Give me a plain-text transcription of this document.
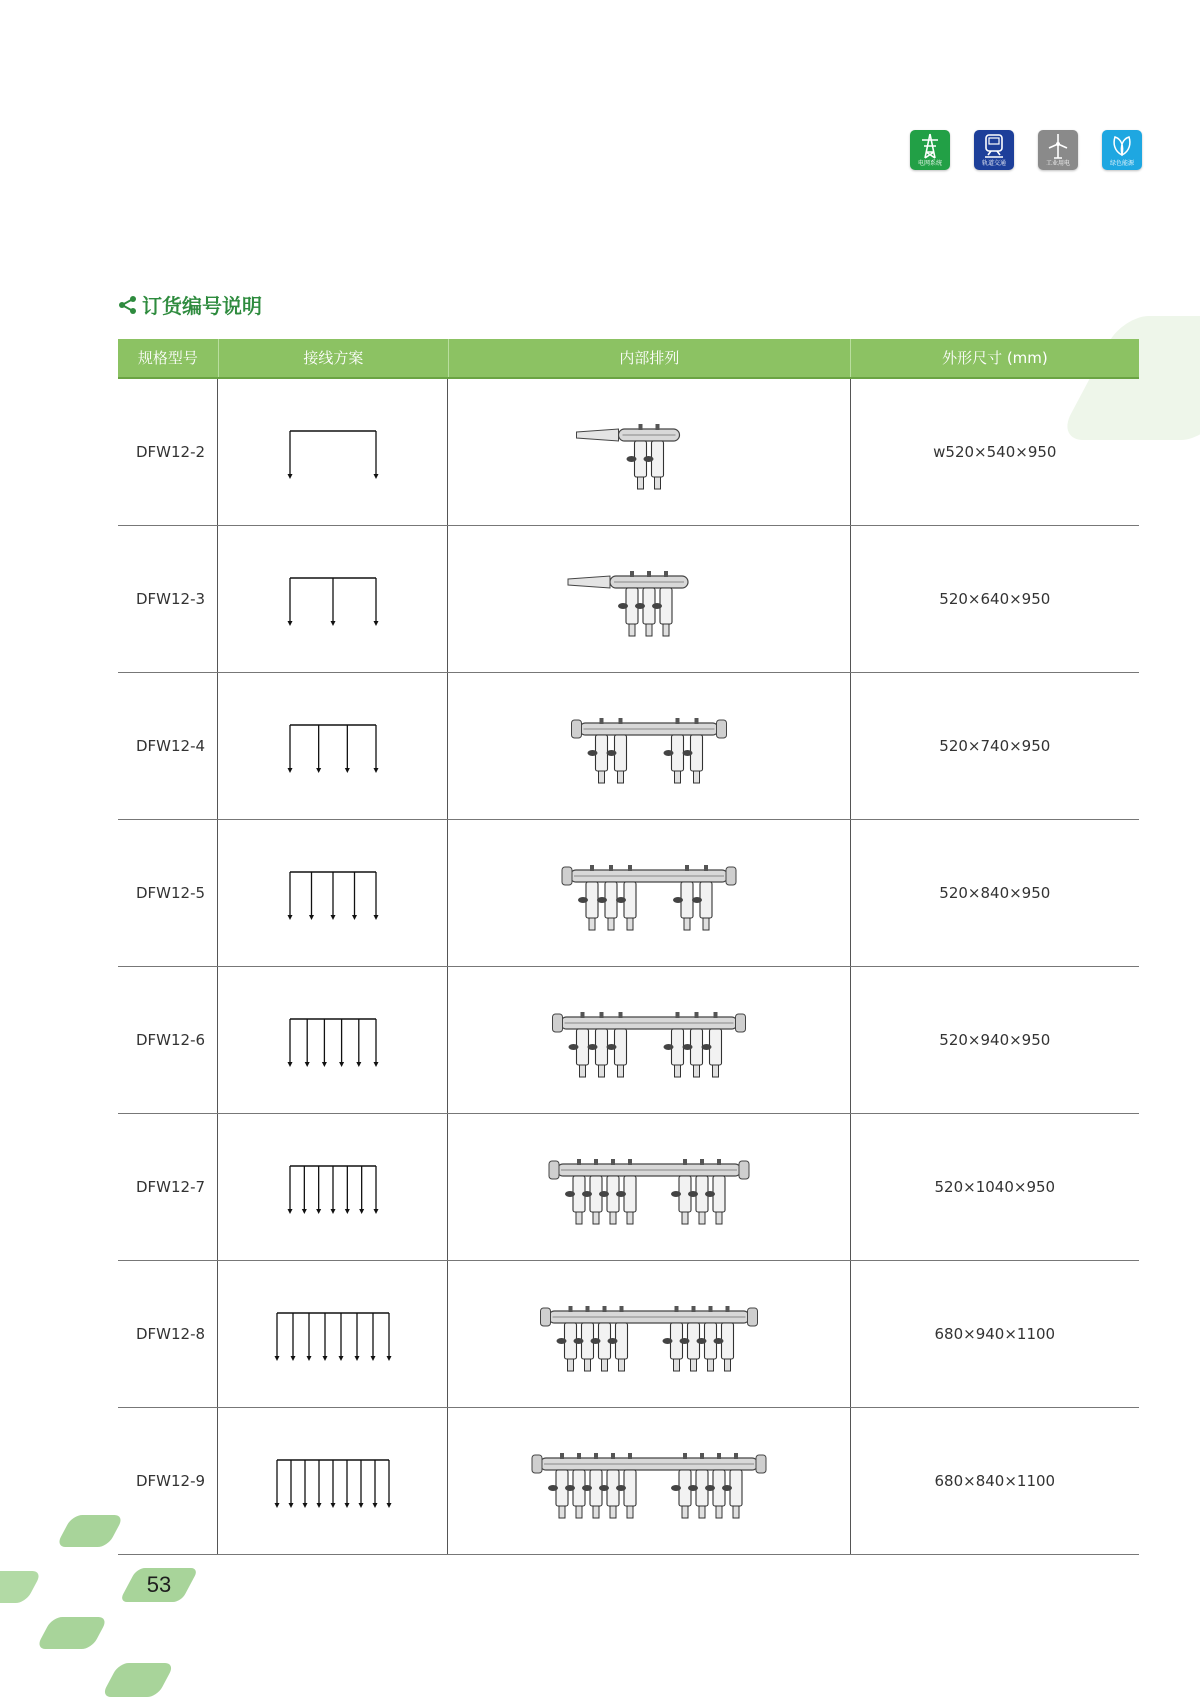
电网系统	轨道交通	工业用电	绿色能源
订货编号说明
规格型号	接线方案	内部排列	外形尺寸 (mm)
DFW12-2	w520×540×950
DFW12-3	520×640×950
DFW12-4	520×740×950
DFW12-5	520×840×950
DFW12-6	520×940×950
DFW12-7	520×1040×950
DFW12-8	680×940×1100
DFW12-9	680×840×1100
53
